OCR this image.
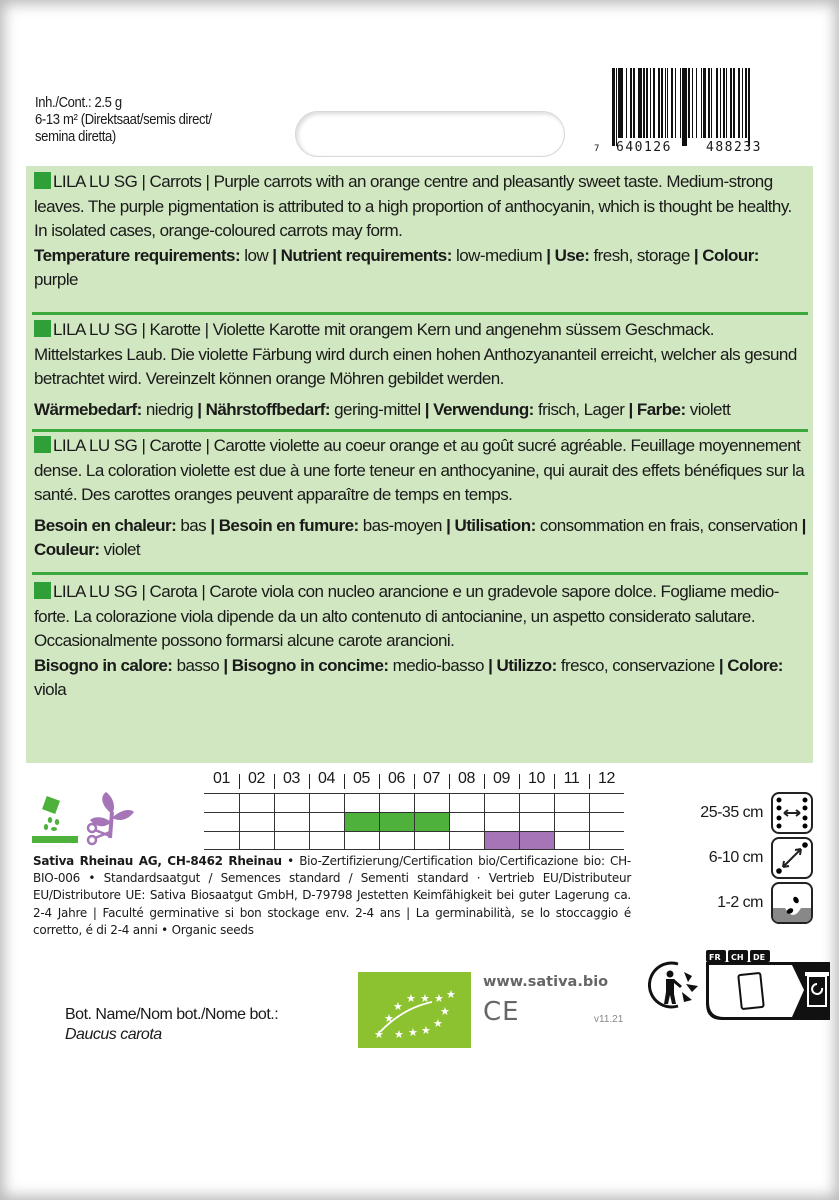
Inh./Cont.: 2.5 g
6-13 m² (Direktsaat/semis direct/
semina diretta)
7 640126	488233

LILA LU SG | Carrots | Purple carrots with an orange centre and pleasantly sweet taste. Medium-strong leaves. The purple pigmentation is attributed to a high proportion of anthocyanin, which is thought be healthy. In isolated cases, orange-coloured carrots may form.

Temperature requirements: low | Nutrient requirements: low-medium | Use: fresh, storage | Colour: purple

LILA LU SG | Karotte | Violette Karotte mit orangem Kern und angenehm süssem Geschmack. Mittelstarkes Laub. Die violette Färbung wird durch einen hohen Anthozyananteil erreicht, welcher als gesund betrachtet wird. Vereinzelt können orange Möhren gebildet werden.

Wärmebedarf: niedrig | Nährstoffbedarf: gering-mittel | Verwendung: frisch, Lager | Farbe: violett

LILA LU SG | Carotte | Carotte violette au coeur orange et au goût sucré agréable. Feuillage moyennement dense. La coloration violette est due à une forte teneur en anthocyanine, qui aurait des effets bénéfiques sur la santé. Des carottes oranges peuvent apparaître de temps en temps.

Besoin en chaleur: bas | Besoin en fumure: bas-moyen | Utilisation: consommation en frais, conservation | Couleur: violet

LILA LU SG | Carota | Carote viola con nucleo arancione e un gradevole sapore dolce. Fogliame medio-forte. La colorazione viola dipende da un alto contenuto di antocianine, un aspetto considerato salutare. Occasionalmente possono formarsi alcune carote arancioni.

Bisogno in calore: basso | Bisogno in concime: medio-basso | Utilizzo: fresco, conservazione | Colore: viola

01	02	03	04	05	06	07	08	09	10	11	12
25-35 cm
6-10 cm
1-2 cm
Sativa Rheinau AG, CH-8462 Rheinau • Bio-Zertifizierung/Certification bio/Certificazione bio: CH-BIO-006 • Standardsaatgut / Semences standard / Sementi standard · Vertrieb EU/Distributeur EU/Distributore UE: Sativa Biosaatgut GmbH, D-79798 Jestetten Keimfähigkeit bei guter Lagerung ca. 2-4 Jahre | Faculté germinative si bon stockage env. 2-4 ans | La germinabilità, se lo stoccaggio é corretto, é di 2-4 anni • Organic seeds
Bot. Name/Nom bot./Nome bot.:
Daucus carota	★
★
★
★ ★ ★ ★
★
★
★
★
★
www.sativa.bio
CE	v11.21
FR CH DE
